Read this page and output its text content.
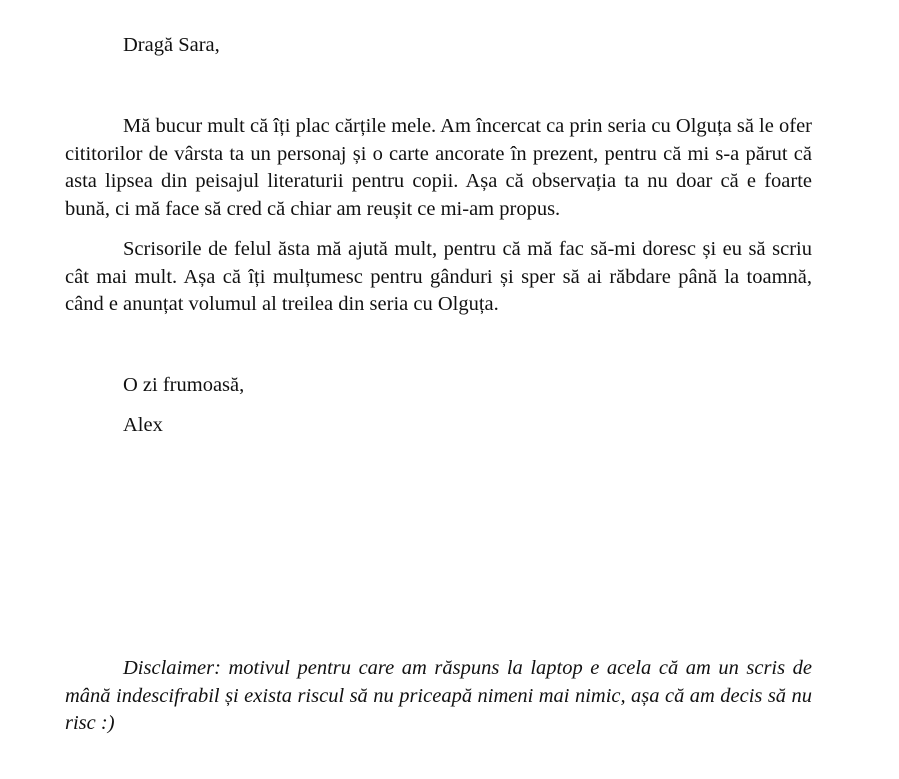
Dragă Sara,

Mă bucur mult că îți plac cărțile mele. Am încercat ca prin seria cu Olguța să le ofer cititorilor de vârsta ta un personaj și o carte ancorate în prezent, pentru că mi s-a părut că asta lipsea din peisajul literaturii pentru copii. Așa că observația ta nu doar că e foarte bună, ci mă face să cred că chiar am reușit ce mi-am propus.

Scrisorile de felul ăsta mă ajută mult, pentru că mă fac să-mi doresc și eu să scriu cât mai mult. Așa că îți mulțumesc pentru gânduri și sper să ai răbdare până la toamnă, când e anunțat volumul al treilea din seria cu Olguța.

O zi frumoasă,

Alex

Disclaimer: motivul pentru care am răspuns la laptop e acela că am un scris de mână indescifrabil și exista riscul să nu priceapă nimeni mai nimic, așa că am decis să nu risc :)
